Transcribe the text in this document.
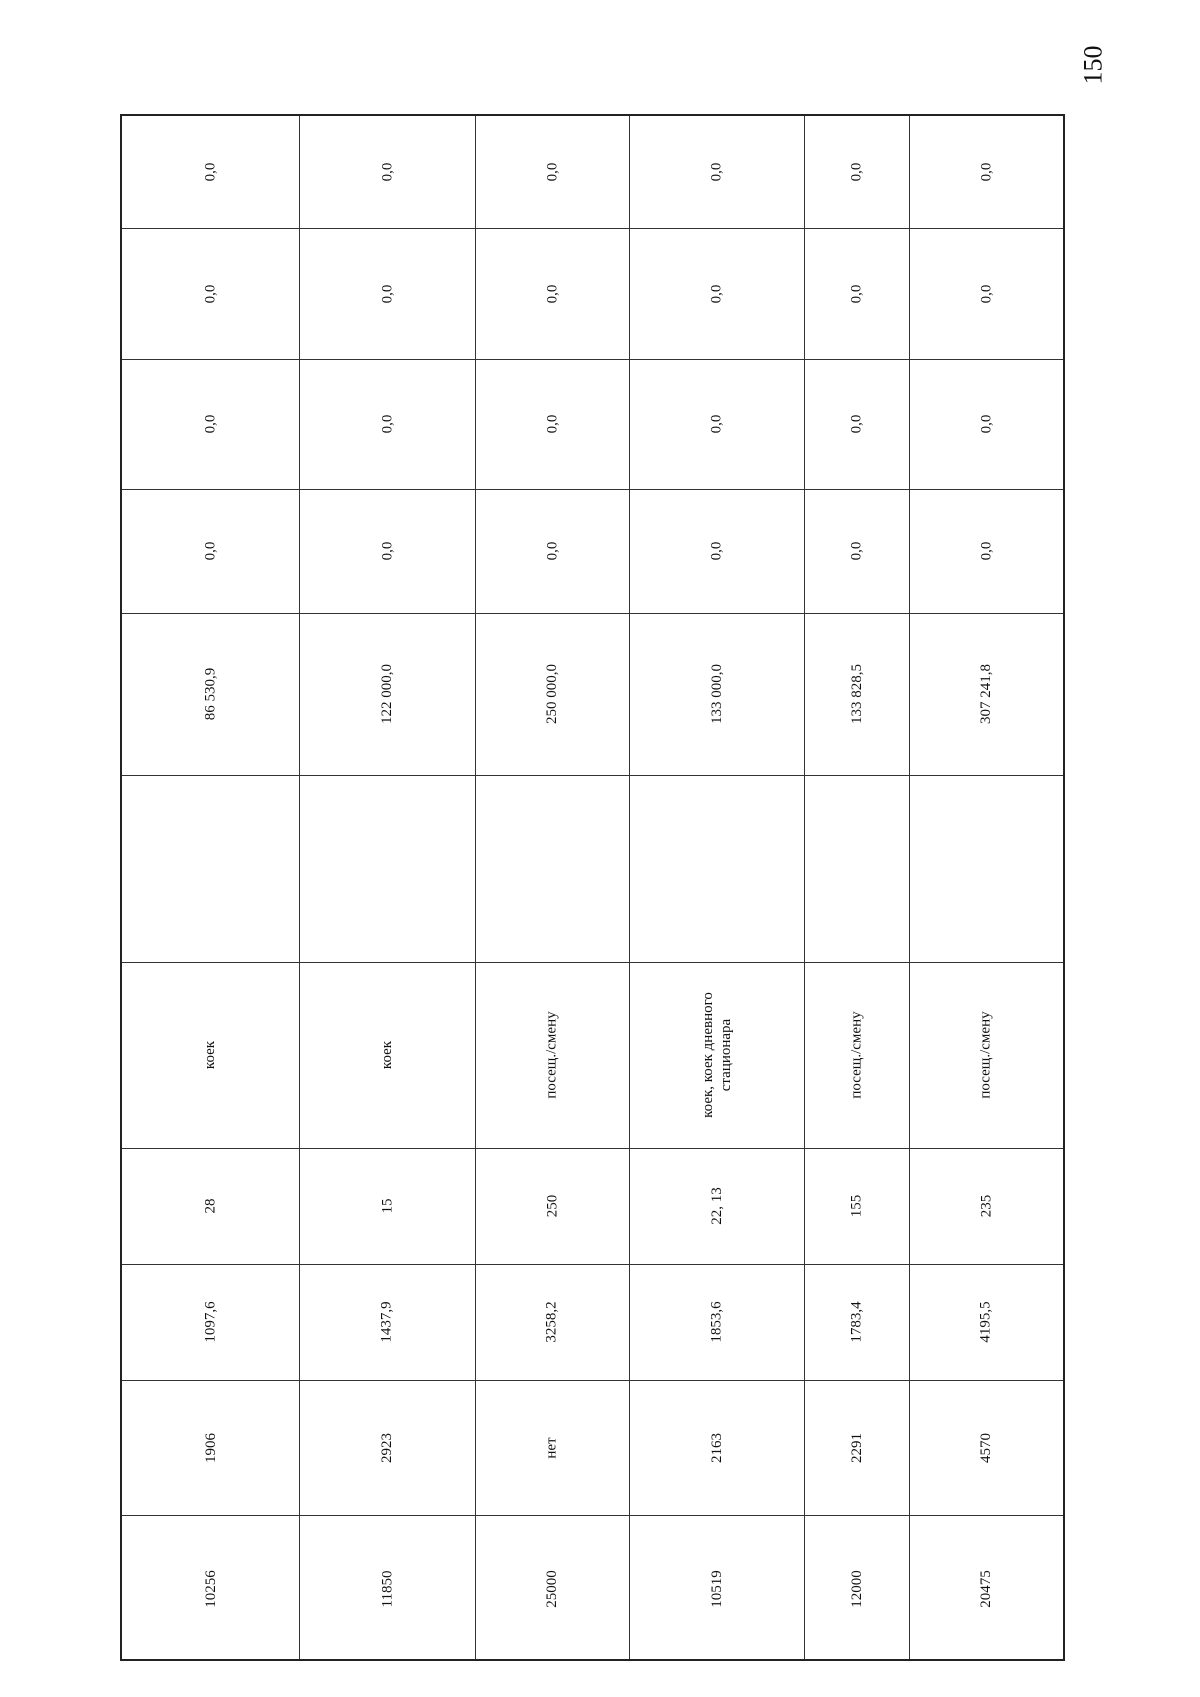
150
0,0
0,0
0,0
0,0
86 530,9
коек
28
1097,6
1906
10256
0,0
0,0
0,0
0,0
122 000,0
коек
15
1437,9
2923
11850
0,0
0,0
0,0
0,0
250 000,0
посещ./смену
250
3258,2
нет
25000
0,0
0,0
0,0
0,0
133 000,0
коек, коек дневного стационара
22, 13
1853,6
2163
10519
0,0
0,0
0,0
0,0
133 828,5
посещ./смену
155
1783,4
2291
12000
0,0
0,0
0,0
0,0
307 241,8
посещ./смену
235
4195,5
4570
20475
